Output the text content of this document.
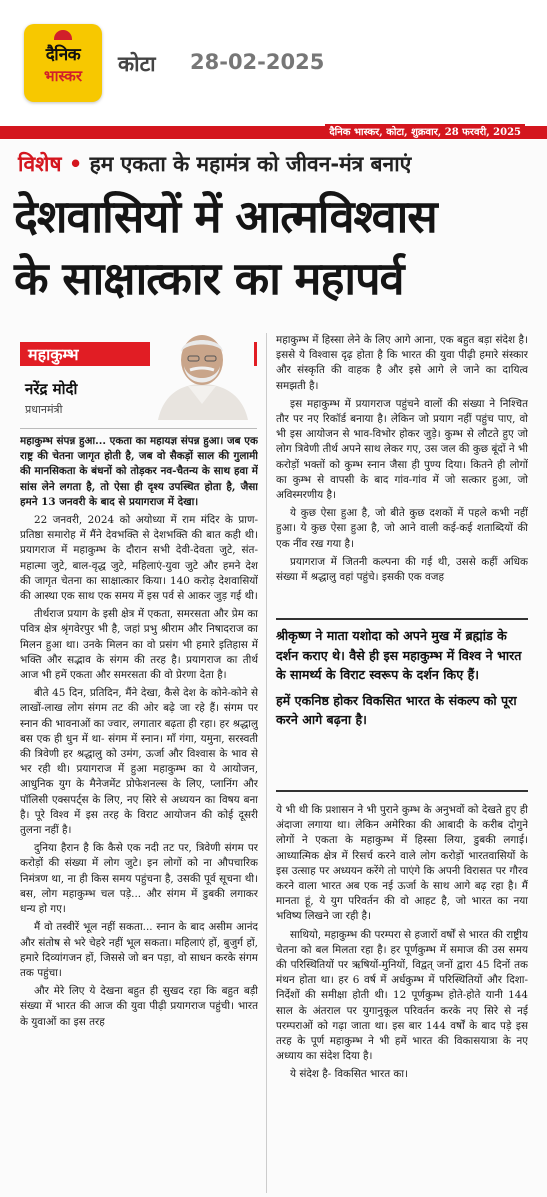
दैनिक
भास्कर	कोटा 28-02-2025
दैनिक भास्कर, कोटा, शुक्रवार, 28 फरवरी, 2025
विशेष • हम एकता के महामंत्र को जीवन-मंत्र बनाएं
देशवासियों में आत्मविश्वास
के साक्षात्कार का महापर्व
महाकुम्भ
नरेंद्र मोदी
प्रधानमंत्री

महाकुम्भ संपन्न हुआ... एकता का महायज्ञ संपन्न हुआ। जब एक राष्ट्र की चेतना जागृत होती है, जब वो सैकड़ों साल की गुलामी की मानसिकता के बंधनों को तोड़कर नव-चैतन्य के साथ हवा में सांस लेने लगता है, तो ऐसा ही दृश्य उपस्थित होता है, जैसा हमने 13 जनवरी के बाद से प्रयागराज में देखा।

22 जनवरी, 2024 को अयोध्या में राम मंदिर के प्राण-प्रतिष्ठा समारोह में मैंने देवभक्ति से देशभक्ति की बात कही थी। प्रयागराज में महाकुम्भ के दौरान सभी देवी-देवता जुटे, संत-महात्मा जुटे, बाल-वृद्ध जुटे, महिलाएं-युवा जुटे और हमने देश की जागृत चेतना का साक्षात्कार किया। 140 करोड़ देशवासियों की आस्था एक साथ एक समय में इस पर्व से आकर जुड़ गई थी।

तीर्थराज प्रयाग के इसी क्षेत्र में एकता, समरसता और प्रेम का पवित्र क्षेत्र श्रृंगवेरपुर भी है, जहां प्रभु श्रीराम और निषादराज का मिलन हुआ था। उनके मिलन का वो प्रसंग भी हमारे इतिहास में भक्ति और सद्भाव के संगम की तरह है। प्रयागराज का तीर्थ आज भी हमें एकता और समरसता की वो प्रेरणा देता है।

बीते 45 दिन, प्रतिदिन, मैंने देखा, कैसे देश के कोने-कोने से लाखों-लाख लोग संगम तट की ओर बढ़े जा रहे हैं। संगम पर स्नान की भावनाओं का ज्वार, लगातार बढ़ता ही रहा। हर श्रद्धालु बस एक ही धुन में था- संगम में स्नान। माँ गंगा, यमुना, सरस्वती की त्रिवेणी हर श्रद्धालु को उमंग, ऊर्जा और विश्वास के भाव से भर रही थी। प्रयागराज में हुआ महाकुम्भ का ये आयोजन, आधुनिक युग के मैनेजमेंट प्रोफेशनल्स के लिए, प्लानिंग और पॉलिसी एक्सपर्ट्स के लिए, नए सिरे से अध्ययन का विषय बना है। पूरे विश्व में इस तरह के विराट आयोजन की कोई दूसरी तुलना नहीं है।

दुनिया हैरान है कि कैसे एक नदी तट पर, त्रिवेणी संगम पर करोड़ों की संख्या में लोग जुटे। इन लोगों को ना औपचारिक निमंत्रण था, ना ही किस समय पहुंचना है, उसकी पूर्व सूचना थी। बस, लोग महाकुम्भ चल पड़े... और संगम में डुबकी लगाकर धन्य हो गए।

मैं वो तस्वीरें भूल नहीं सकता... स्नान के बाद असीम आनंद और संतोष से भरे चेहरे नहीं भूल सकता। महिलाएं हों, बुजुर्ग हों, हमारे दिव्यांगजन हों, जिससे जो बन पड़ा, वो साधन करके संगम तक पहुंचा।

और मेरे लिए ये देखना बहुत ही सुखद रहा कि बहुत बड़ी संख्या में भारत की आज की युवा पीढ़ी प्रयागराज पहुंची। भारत के युवाओं का इस तरह

महाकुम्भ में हिस्सा लेने के लिए आगे आना, एक बहुत बड़ा संदेश है। इससे ये विश्वास दृढ़ होता है कि भारत की युवा पीढ़ी हमारे संस्कार और संस्कृति की वाहक है और इसे आगे ले जाने का दायित्व समझती है।

इस महाकुम्भ में प्रयागराज पहुंचने वालों की संख्या ने निश्चित तौर पर नए रिकॉर्ड बनाया है। लेकिन जो प्रयाग नहीं पहुंच पाए, वो भी इस आयोजन से भाव-विभोर होकर जुड़े। कुम्भ से लौटते हुए जो लोग त्रिवेणी तीर्थ अपने साथ लेकर गए, उस जल की कुछ बूंदों ने भी करोड़ों भक्तों को कुम्भ स्नान जैसा ही पुण्य दिया। कितने ही लोगों का कुम्भ से वापसी के बाद गांव-गांव में जो सत्कार हुआ, जो अविस्मरणीय है।

ये कुछ ऐसा हुआ है, जो बीते कुछ दशकों में पहले कभी नहीं हुआ। ये कुछ ऐसा हुआ है, जो आने वाली कई-कई शताब्दियों की एक नींव रख गया है।

प्रयागराज में जितनी कल्पना की गई थी, उससे कहीं अधिक संख्या में श्रद्धालु वहां पहुंचे। इसकी एक वजह

श्रीकृष्ण ने माता यशोदा को अपने मुख में ब्रह्मांड के दर्शन कराए थे। वैसे ही इस महाकुम्भ में विश्व ने भारत के सामर्थ्य के विराट स्वरूप के दर्शन किए हैं।

हमें एकनिष्ठ होकर विकसित भारत के संकल्प को पूरा करने आगे बढ़ना है।

ये भी थी कि प्रशासन ने भी पुराने कुम्भ के अनुभवों को देखते हुए ही अंदाजा लगाया था। लेकिन अमेरिका की आबादी के करीब दोगुने लोगों ने एकता के महाकुम्भ में हिस्सा लिया, डुबकी लगाई। आध्यात्मिक क्षेत्र में रिसर्च करने वाले लोग करोड़ों भारतवासियों के इस उत्साह पर अध्ययन करेंगे तो पाएंगे कि अपनी विरासत पर गौरव करने वाला भारत अब एक नई ऊर्जा के साथ आगे बढ़ रहा है। मैं मानता हूं, ये युग परिवर्तन की वो आहट है, जो भारत का नया भविष्य लिखने जा रही है।

साथियो, महाकुम्भ की परम्परा से हजारों वर्षों से भारत की राष्ट्रीय चेतना को बल मिलता रहा है। हर पूर्णकुम्भ में समाज की उस समय की परिस्थितियों पर ऋषियों-मुनियों, विद्वत् जनों द्वारा 45 दिनों तक मंथन होता था। हर 6 वर्ष में अर्धकुम्भ में परिस्थितियों और दिशा-निर्देशों की समीक्षा होती थी। 12 पूर्णकुम्भ होते-होते यानी 144 साल के अंतराल पर युगानुकूल परिवर्तन करके नए सिरे से नई परम्पराओं को गढ़ा जाता था। इस बार 144 वर्षों के बाद पड़े इस तरह के पूर्ण महाकुम्भ ने भी हमें भारत की विकासयात्रा के नए अध्याय का संदेश दिया है।

ये संदेश है- विकसित भारत का।
